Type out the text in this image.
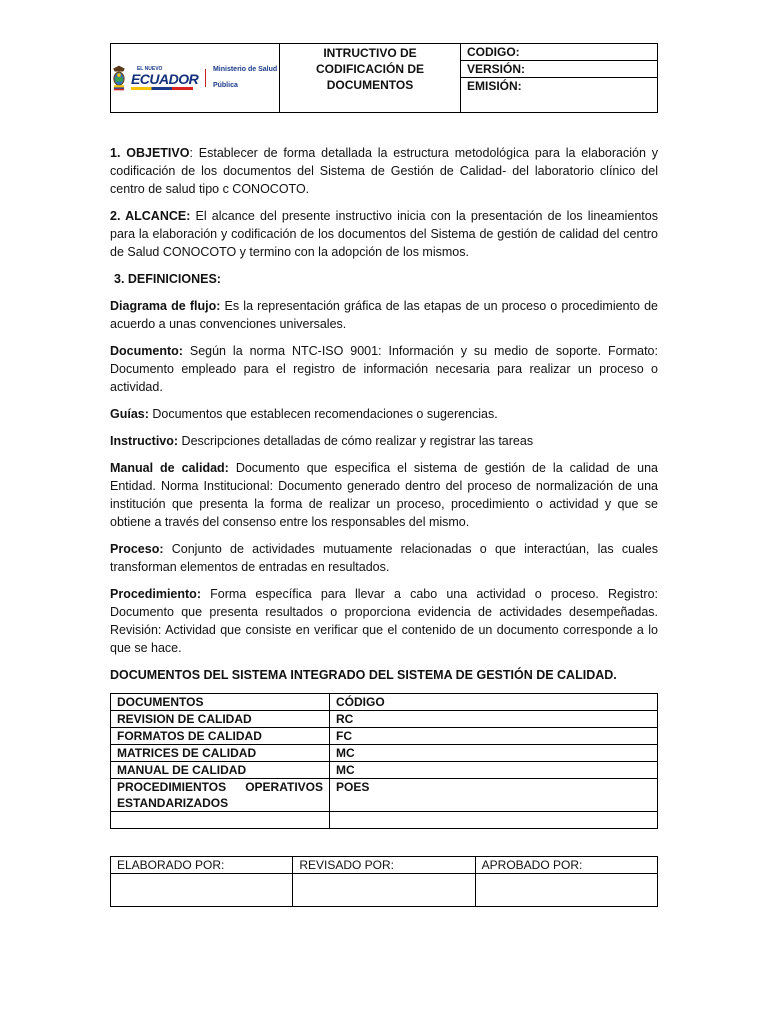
EL NUEVO
ECUADOR
Ministerio de Salud Pública
	INTRUCTIVO DE CODIFICACIÓN DE DOCUMENTOS	CODIGO:
VERSIÓN:
EMISIÓN:

1. OBJETIVO: Establecer de forma detallada la estructura metodológica para la elaboración y codificación de los documentos del Sistema de Gestión de Calidad- del laboratorio clínico del centro de salud tipo c CONOCOTO.

2. ALCANCE: El alcance del presente instructivo inicia con la presentación de los lineamientos para la elaboración y codificación de los documentos del Sistema de gestión de calidad del centro de Salud CONOCOTO y termino con la adopción de los mismos.

3. DEFINICIONES:

Diagrama de flujo: Es la representación gráfica de las etapas de un proceso o procedimiento de acuerdo a unas convenciones universales.

Documento: Según la norma NTC-ISO 9001: Información y su medio de soporte. Formato: Documento empleado para el registro de información necesaria para realizar un proceso o actividad.

Guías: Documentos que establecen recomendaciones o sugerencias.

Instructivo: Descripciones detalladas de cómo realizar y registrar las tareas

Manual de calidad: Documento que especifica el sistema de gestión de la calidad de una Entidad. Norma Institucional: Documento generado dentro del proceso de normalización de una institución que presenta la forma de realizar un proceso, procedimiento o actividad y que se obtiene a través del consenso entre los responsables del mismo.

Proceso: Conjunto de actividades mutuamente relacionadas o que interactúan, las cuales transforman elementos de entradas en resultados.

Procedimiento: Forma específica para llevar a cabo una actividad o proceso. Registro: Documento que presenta resultados o proporciona evidencia de actividades desempeñadas. Revisión: Actividad que consiste en verificar que el contenido de un documento corresponde a lo que se hace.

DOCUMENTOS DEL SISTEMA INTEGRADO DEL SISTEMA DE GESTIÓN DE CALIDAD.

DOCUMENTOS	CÓDIGO
REVISION DE CALIDAD	RC
FORMATOS DE CALIDAD	FC
MATRICES DE CALIDAD	MC
MANUAL DE CALIDAD	MC

PROCEDIMIENTOS OPERATIVOS
ESTANDARIZADOS	POES

ELABORADO POR:	REVISADO POR:	APROBADO POR:
